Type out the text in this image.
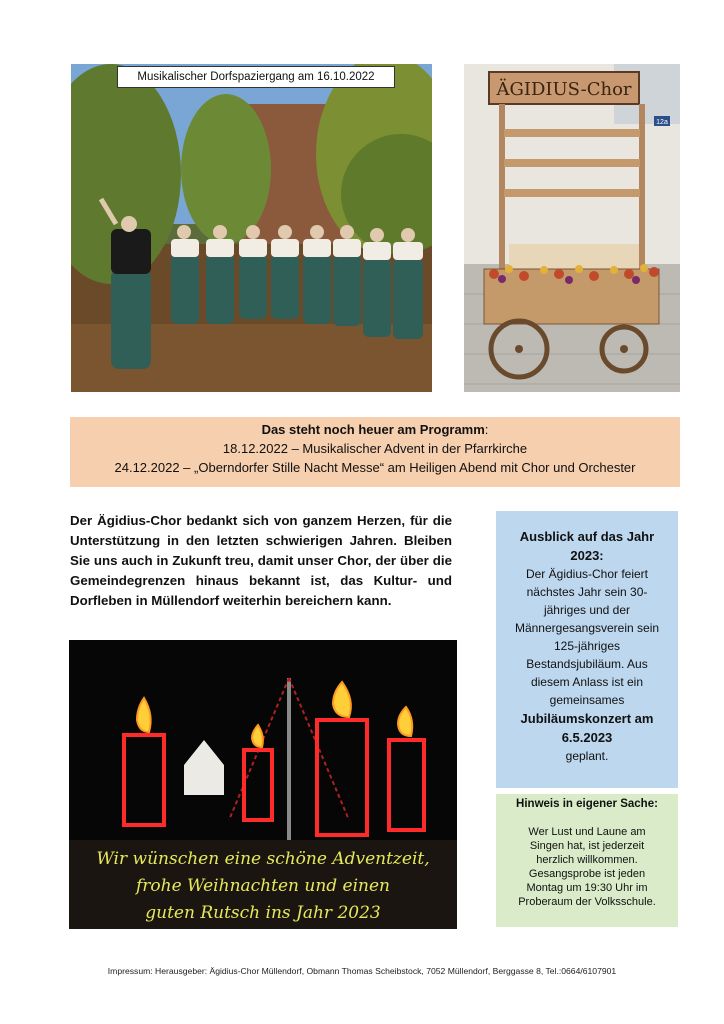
Musikalischer Dorfspaziergang am 16.10.2022
ÄGIDIUS-Chor
12a
Das steht noch heuer am Programm:
18.12.2022 – Musikalischer Advent in der Pfarrkirche
24.12.2022 – „Oberndorfer Stille Nacht Messe“ am Heiligen Abend mit Chor und Orchester
Der Ägidius-Chor bedankt sich von ganzem Herzen, für die Unterstützung in den letzten schwierigen Jahren. Bleiben Sie uns auch in Zukunft treu, damit unser Chor, der über die Gemeindegrenzen hinaus bekannt ist, das Kultur- und Dorfleben in Müllendorf weiterhin bereichern kann.
Ausblick auf das Jahr 2023:
Der Ägidius-Chor feiert nächstes Jahr sein 30-jähriges und der Männergesangsverein sein 125-jähriges Bestandsjubiläum. Aus diesem Anlass ist ein gemeinsames
Jubiläumskonzert am 6.5.2023
geplant.
Hinweis in eigener Sache:
Wer Lust und Laune am Singen hat, ist jederzeit herzlich willkommen. Gesangsprobe ist jeden Montag um 19:30 Uhr im Proberaum der Volksschule.
Wir wünschen eine schöne Adventzeit,
frohe Weihnachten und einen
guten Rutsch ins Jahr 2023
Impressum: Herausgeber: Ägidius-Chor Müllendorf, Obmann Thomas Scheibstock, 7052 Müllendorf, Berggasse 8, Tel.:0664/6107901
